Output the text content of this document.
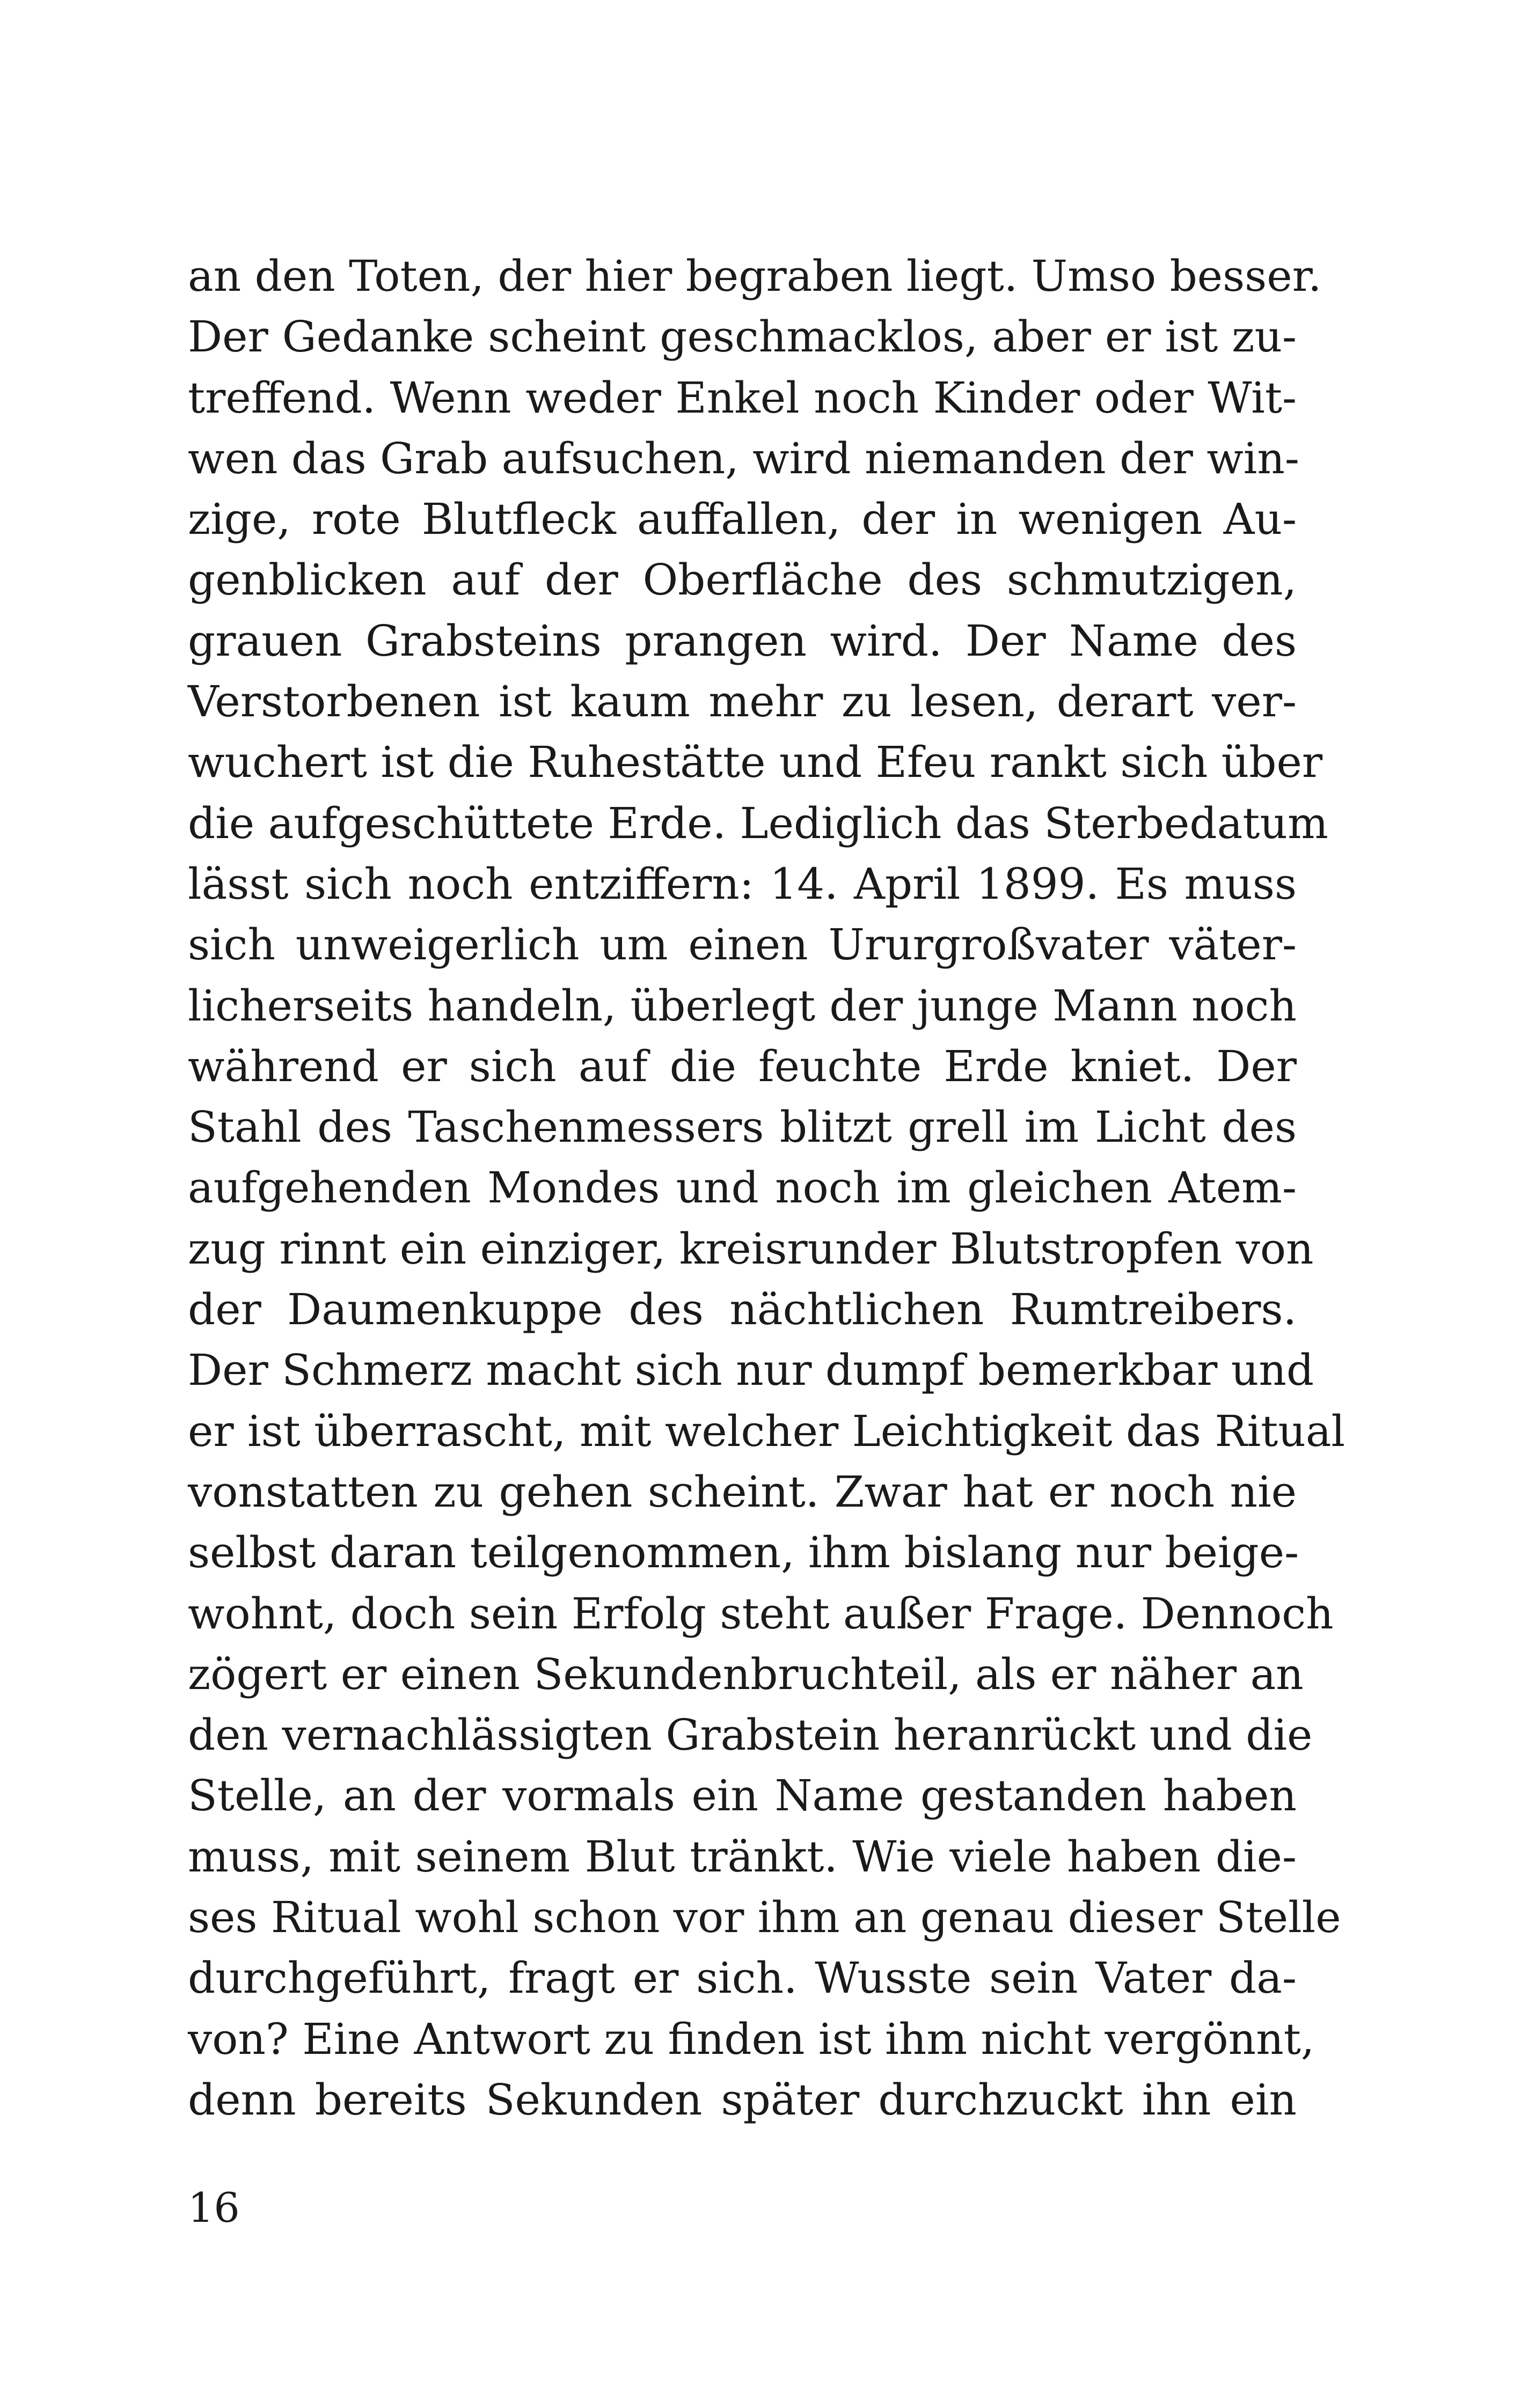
an den Toten, der hier begraben liegt. Umso besser.
Der Gedanke scheint geschmacklos, aber er ist zu-
treffend. Wenn weder Enkel noch Kinder oder Wit-
wen das Grab aufsuchen, wird niemanden der win-
zige, rote Blutfleck auffallen, der in wenigen Au-
genblicken auf der Oberfläche des schmutzigen,
grauen Grabsteins prangen wird. Der Name des
Verstorbenen ist kaum mehr zu lesen, derart ver-
wuchert ist die Ruhestätte und Efeu rankt sich über
die aufgeschüttete Erde. Lediglich das Sterbedatum
lässt sich noch entziffern: 14. April 1899. Es muss
sich unweigerlich um einen Ururgroßvater väter-
licherseits handeln, überlegt der junge Mann noch
während er sich auf die feuchte Erde kniet. Der
Stahl des Taschenmessers blitzt grell im Licht des
aufgehenden Mondes und noch im gleichen Atem-
zug rinnt ein einziger, kreisrunder Blutstropfen von
der Daumenkuppe des nächtlichen Rumtreibers.
Der Schmerz macht sich nur dumpf bemerkbar und
er ist überrascht, mit welcher Leichtigkeit das Ritual
vonstatten zu gehen scheint. Zwar hat er noch nie
selbst daran teilgenommen, ihm bislang nur beige-
wohnt, doch sein Erfolg steht außer Frage. Dennoch
zögert er einen Sekundenbruchteil, als er näher an
den vernachlässigten Grabstein heranrückt und die
Stelle, an der vormals ein Name gestanden haben
muss, mit seinem Blut tränkt. Wie viele haben die-
ses Ritual wohl schon vor ihm an genau dieser Stelle
durchgeführt, fragt er sich. Wusste sein Vater da-
von? Eine Antwort zu finden ist ihm nicht vergönnt,
denn bereits Sekunden später durchzuckt ihn ein
16
